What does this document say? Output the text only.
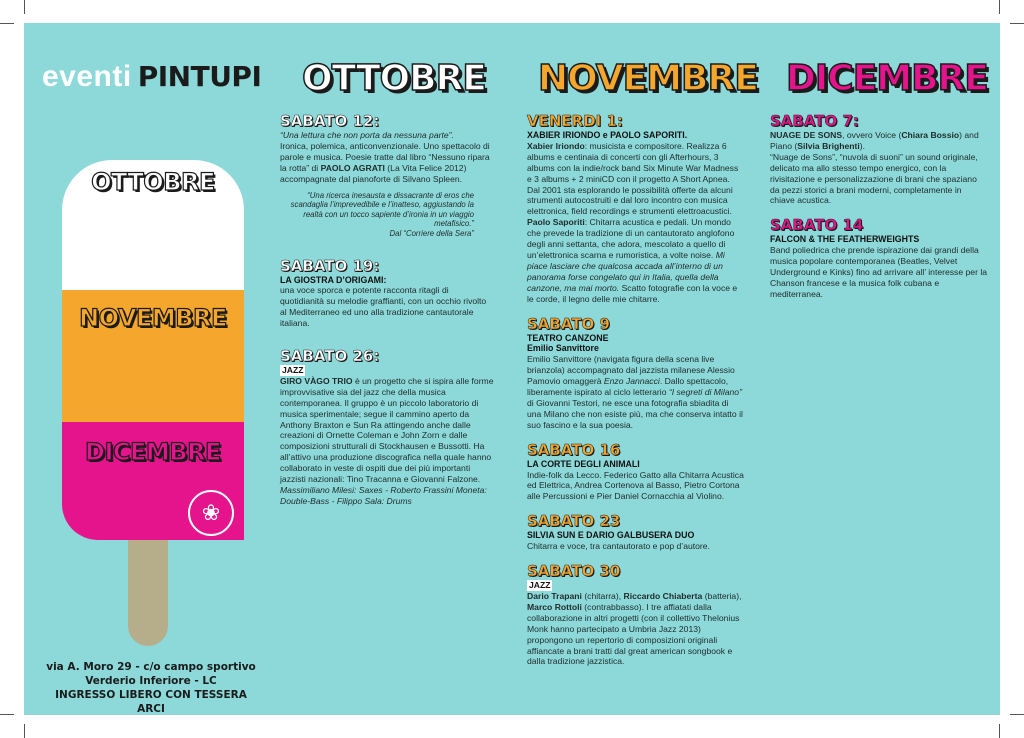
eventi PINTUPI OTTOBRE NOVEMBRE DICEMBRE
OTTOBRE
NOVEMBRE
DICEMBRE
❀
via A. Moro 29 - c/o campo sportivo
Verderio Inferiore - LC
INGRESSO LIBERO CON TESSERA ARCI
SABATO 12:
“Una lettura che non porta da nessuna parte”.
Ironica, polemica, anticonvenzionale. Uno spettacolo di parole e musica. Poesie tratte dal libro “Nessuno ripara la rotta” di PAOLO AGRATI (La Vita Felice 2012) accompagnate dal pianoforte di Silvano Spleen.
“Una ricerca inesausta e dissacrante di eros che scandaglia l’imprevedibile e l’inatteso, aggiustando la realtà con un tocco sapiente d’ironia in un viaggio metafisico.”
Dal “Corriere della Sera”
SABATO 19:
LA GIOSTRA D’ORIGAMI:
una voce sporca e potente racconta ritagli di quotidianità su melodie graffianti, con un occhio rivolto al Mediterraneo ed uno alla tradizione cantautorale italiana.
SABATO 26:
JAZZ
GIRO VÀGO TRIO è un progetto che si ispira alle forme improvvisative sia del jazz che della musica contemporanea. Il gruppo è un piccolo laboratorio di musica sperimentale; segue il cammino aperto da Anthony Braxton e Sun Ra attingendo anche dalle creazioni di Ornette Coleman e John Zorn e dalle composizioni strutturali di Stockhausen e Bussotti. Ha all’attivo una produzione discografica nella quale hanno collaborato in veste di ospiti due dei più importanti jazzisti nazionali: Tino Tracanna e Giovanni Falzone.
Massimiliano Milesi: Saxes - Roberto Frassini Moneta: Double-Bass - Filippo Sala: Drums
VENERDI 1:
XABIER IRIONDO e PAOLO SAPORITI.
Xabier Iriondo: musicista e compositore. Realizza 6 albums e centinaia di concerti con gli Afterhours, 3 albums con la indie/rock band Six Minute War Madness e 3 albums + 2 miniCD con il progetto A Short Apnea. Dal 2001 sta esplorando le possibilità offerte da alcuni strumenti autocostruiti e dal loro incontro con musica elettronica, field recordings e strumenti elettroacustici.
Paolo Saporiti: Chitarra acustica e pedali. Un mondo che prevede la tradizione di un cantautorato anglofono degli anni settanta, che adora, mescolato a quello di un’elettronica scarna e rumoristica, a volte noise. Mi piace lasciare che qualcosa accada all’interno di un panorama forse congelato qui in Italia, quella della canzone, ma mai morto. Scatto fotografie con la voce e le corde, il legno delle mie chitarre.
SABATO 9
TEATRO CANZONE
Emilio Sanvittore
Emilio Sanvittore (navigata figura della scena live brianzola) accompagnato dal jazzista milanese Alessio Pamovio omaggerà Enzo Jannacci. Dallo spettacolo, liberamente ispirato al ciclo letterario “I segreti di Milano” di Giovanni Testori, ne esce una fotografia sbiadita di una Milano che non esiste più, ma che conserva intatto il suo fascino e la sua poesia.
SABATO 16
LA CORTE DEGLI ANIMALI
Indie-folk da Lecco. Federico Gatto alla Chitarra Acustica ed Elettrica, Andrea Cortenova al Basso, Pietro Cortona alle Percussioni e Pier Daniel Cornacchia al Violino.
SABATO 23
SILVIA SUN E DARIO GALBUSERA DUO
Chitarra e voce, tra cantautorato e pop d’autore.
SABATO 30
JAZZ
Dario Trapani (chitarra), Riccardo Chiaberta (batteria), Marco Rottoli (contrabbasso). I tre affiatati dalla collaborazione in altri progetti (con il collettivo Thelonius Monk hanno partecipato a Umbria Jazz 2013) propongono un repertorio di composizioni originali affiancate a brani tratti dal great american songbook e dalla tradizione jazzistica.
SABATO 7:
NUAGE DE SONS, ovvero Voice (Chiara Bossio) and Piano (Silvia Brighenti).
“Nuage de Sons”, “nuvola di suoni” un sound originale, delicato ma allo stesso tempo energico, con la rivisitazione e personalizzazione di brani che spaziano da pezzi storici a brani moderni, completamente in chiave acustica.
SABATO 14
FALCON & THE FEATHERWEIGHTS
Band poliedrica che prende ispirazione dai grandi della musica popolare contemporanea (Beatles, Velvet Underground e Kinks) fino ad arrivare all’ interesse per la Chanson francese e la musica folk cubana e mediterranea.
